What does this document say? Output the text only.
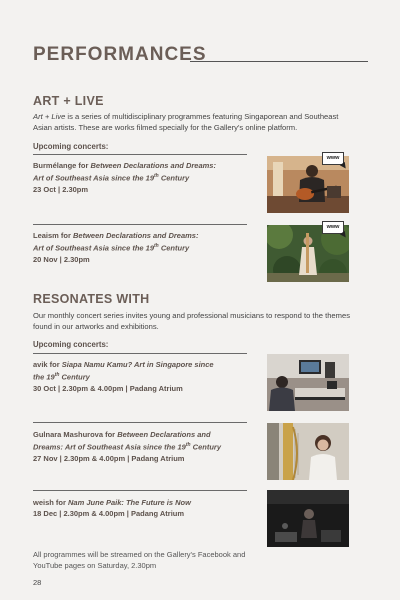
PERFORMANCES
ART + LIVE
Art + Live is a series of multidisciplinary programmes featuring Singaporean and Southeast Asian artists. These are works filmed specially for the Gallery's online platform.
Upcoming concerts:
Burmélange for Between Declarations and Dreams:
Art of Southeast Asia since the 19th Century
23 Oct | 2.30pm
www
Leaism for Between Declarations and Dreams:
Art of Southeast Asia since the 19th Century
20 Nov | 2.30pm
www
RESONATES WITH
Our monthly concert series invites young and professional musicians to respond to the themes found in our artworks and exhibitions.
Upcoming concerts:
avik for Siapa Namu Kamu? Art in Singapore since
the 19th Century
30 Oct | 2.30pm & 4.00pm | Padang Atrium
Gulnara Mashurova for Between Declarations and
Dreams: Art of Southeast Asia since the 19th Century
27 Nov | 2.30pm & 4.00pm | Padang Atrium
weish for Nam June Paik: The Future is Now
18 Dec | 2.30pm & 4.00pm | Padang Atrium
All programmes will be streamed on the Gallery's Facebook and YouTube pages on Saturday, 2.30pm
28
